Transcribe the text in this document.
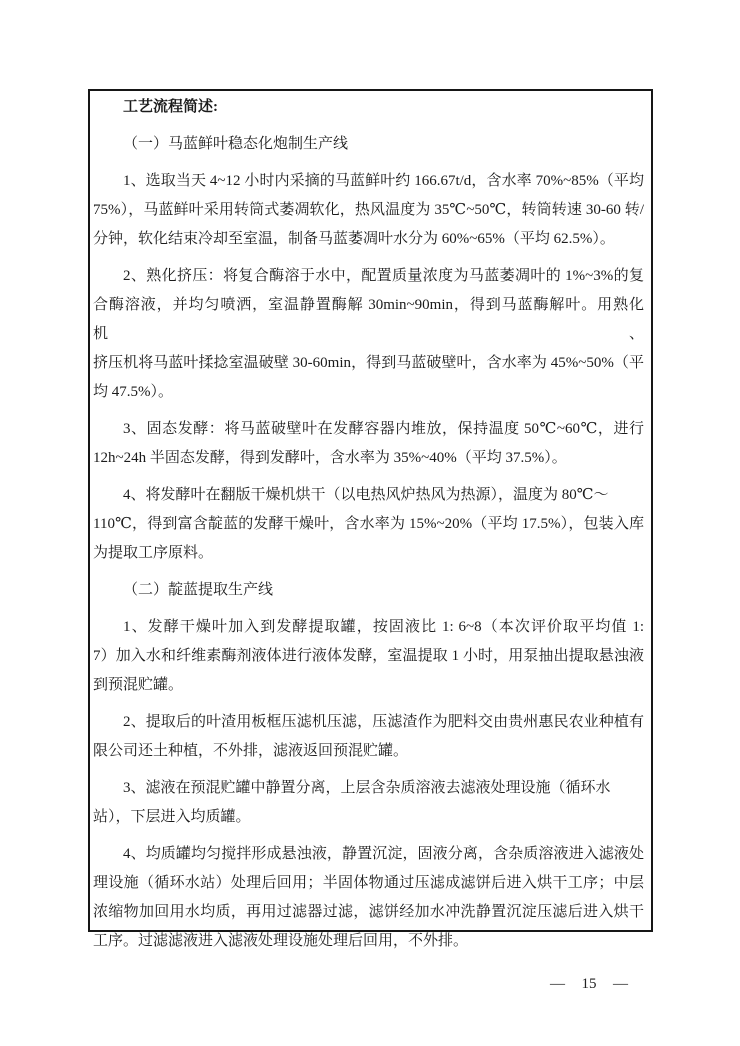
工艺流程简述:
（一）马蓝鲜叶稳态化炮制生产线
1、选取当天 4~12 小时内采摘的马蓝鲜叶约 166.67t/d，含水率 70%~85%（平均
75%），马蓝鲜叶采用转筒式萎凋软化，热风温度为 35℃~50℃，转筒转速 30-60 转/
分钟，软化结束冷却至室温，制备马蓝萎凋叶水分为 60%~65%（平均 62.5%）。
2、熟化挤压：将复合酶溶于水中，配置质量浓度为马蓝萎凋叶的 1%~3%的复
合酶溶液，并均匀喷洒，室温静置酶解 30min~90min，得到马蓝酶解叶。用熟化机、
挤压机将马蓝叶揉捻室温破壁 30-60min，得到马蓝破壁叶，含水率为 45%~50%（平
均 47.5%）。
3、固态发酵：将马蓝破壁叶在发酵容器内堆放，保持温度 50℃~60℃，进行
12h~24h 半固态发酵，得到发酵叶，含水率为 35%~40%（平均 37.5%）。
4、将发酵叶在翻版干燥机烘干（以电热风炉热风为热源），温度为 80℃～
110℃，得到富含靛蓝的发酵干燥叶，含水率为 15%~20%（平均 17.5%），包装入库
为提取工序原料。
（二）靛蓝提取生产线
1、发酵干燥叶加入到发酵提取罐，按固液比 1: 6~8（本次评价取平均值 1:
7）加入水和纤维素酶剂液体进行液体发酵，室温提取 1 小时，用泵抽出提取悬浊液
到预混贮罐。
2、提取后的叶渣用板框压滤机压滤，压滤渣作为肥料交由贵州惠民农业种植有
限公司还土种植，不外排，滤液返回预混贮罐。
3、滤液在预混贮罐中静置分离，上层含杂质溶液去滤液处理设施（循环水
站），下层进入均质罐。
4、均质罐均匀搅拌形成悬浊液，静置沉淀，固液分离，含杂质溶液进入滤液处
理设施（循环水站）处理后回用；半固体物通过压滤成滤饼后进入烘干工序；中层
浓缩物加回用水均质，再用过滤器过滤，滤饼经加水冲洗静置沉淀压滤后进入烘干
工序。过滤滤液进入滤液处理设施处理后回用，不外排。
— 15 —
